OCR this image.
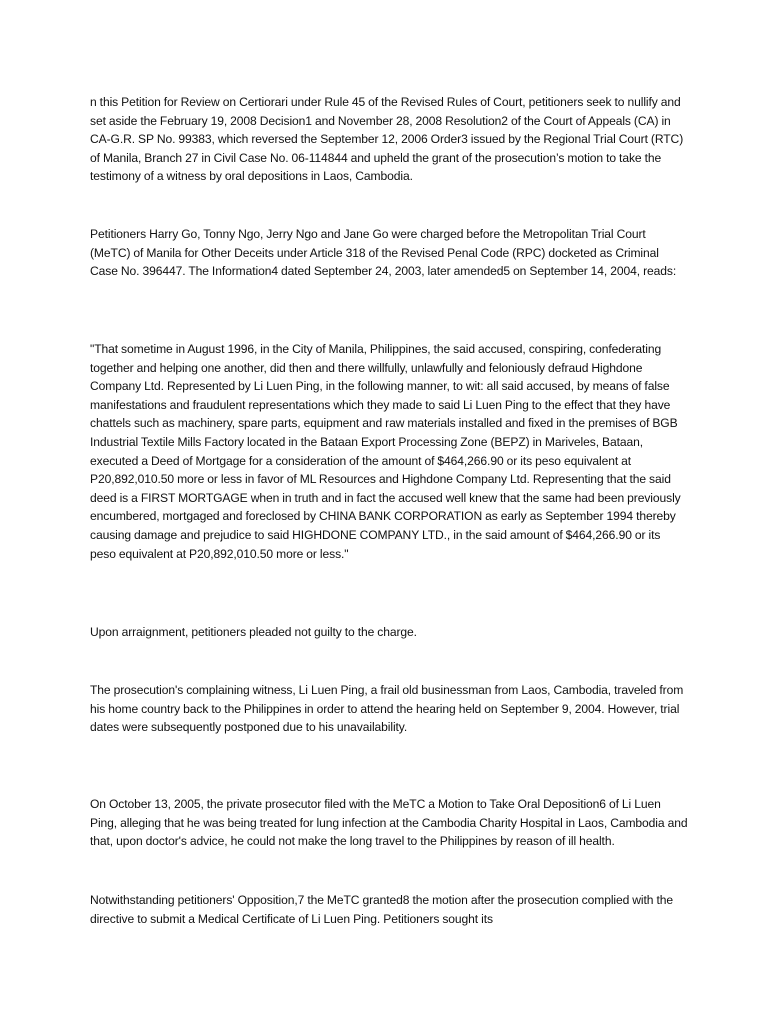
n this Petition for Review on Certiorari under Rule 45 of the Revised Rules of Court, petitioners seek to nullify and set aside the February 19, 2008 Decision1 and November 28, 2008 Resolution2 of the Court of Appeals (CA) in CA-G.R. SP No. 99383, which reversed the September 12, 2006 Order3 issued by the Regional Trial Court (RTC) of Manila, Branch 27 in Civil Case No. 06-114844 and upheld the grant of the prosecution’s motion to take the testimony of a witness by oral depositions in Laos, Cambodia.

Petitioners Harry Go, Tonny Ngo, Jerry Ngo and Jane Go were charged before the Metropolitan Trial Court (MeTC) of Manila for Other Deceits under Article 318 of the Revised Penal Code (RPC) docketed as Criminal Case No. 396447. The Information4 dated September 24, 2003, later amended5 on September 14, 2004, reads:

"That sometime in August 1996, in the City of Manila, Philippines, the said accused, conspiring, confederating together and helping one another, did then and there willfully, unlawfully and feloniously defraud Highdone Company Ltd. Represented by Li Luen Ping, in the following manner, to wit: all said accused, by means of false manifestations and fraudulent representations which they made to said Li Luen Ping to the effect that they have chattels such as machinery, spare parts, equipment and raw materials installed and fixed in the premises of BGB Industrial Textile Mills Factory located in the Bataan Export Processing Zone (BEPZ) in Mariveles, Bataan, executed a Deed of Mortgage for a consideration of the amount of $464,266.90 or its peso equivalent at P20,892,010.50 more or less in favor of ML Resources and Highdone Company Ltd. Representing that the said deed is a FIRST MORTGAGE when in truth and in fact the accused well knew that the same had been previously encumbered, mortgaged and foreclosed by CHINA BANK CORPORATION as early as September 1994 thereby causing damage and prejudice to said HIGHDONE COMPANY LTD., in the said amount of $464,266.90 or its peso equivalent at P20,892,010.50 more or less."

Upon arraignment, petitioners pleaded not guilty to the charge.

The prosecution's complaining witness, Li Luen Ping, a frail old businessman from Laos, Cambodia, traveled from his home country back to the Philippines in order to attend the hearing held on September 9, 2004. However, trial dates were subsequently postponed due to his unavailability.

On October 13, 2005, the private prosecutor filed with the MeTC a Motion to Take Oral Deposition6 of Li Luen Ping, alleging that he was being treated for lung infection at the Cambodia Charity Hospital in Laos, Cambodia and that, upon doctor's advice, he could not make the long travel to the Philippines by reason of ill health.

Notwithstanding petitioners' Opposition,7 the MeTC granted8 the motion after the prosecution complied with the directive to submit a Medical Certificate of Li Luen Ping. Petitioners sought its
